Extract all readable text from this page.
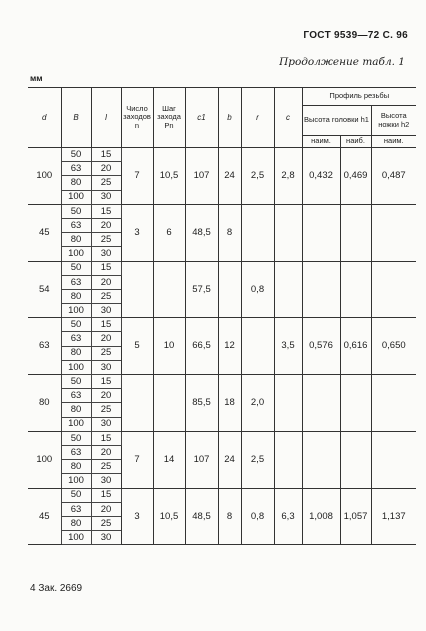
ГОСТ 9539—72 С. 96
Продолжение табл. 1
мм
d	B	l	Число заходов n	Шаг захода Pn	c1	b	r	c	Профиль резьбы		
									Высота головки h1		Высота ножки h2
									наим.	наиб.	наим.
100	50	15	7	10,5	107	24	2,5	2,8	0,432	0,469	0,487
	63	20									
	80	25									
	100	30									
45	50	15	3	6	48,5	8					
	63	20									
	80	25									
	100	30									
54	50	15			57,5		0,8				
	63	20									
	80	25									
	100	30									
63	50	15	5	10	66,5	12		3,5	0,576	0,616	0,650
	63	20									
	80	25									
	100	30									
80	50	15			85,5	18	2,0				
	63	20									
	80	25									
	100	30									
100	50	15	7	14	107	24	2,5				
	63	20									
	80	25									
	100	30									
45	50	15	3	10,5	48,5	8	0,8	6,3	1,008	1,057	1,137
	63	20									
	80	25									
	100	30									
4 Зак. 2669
